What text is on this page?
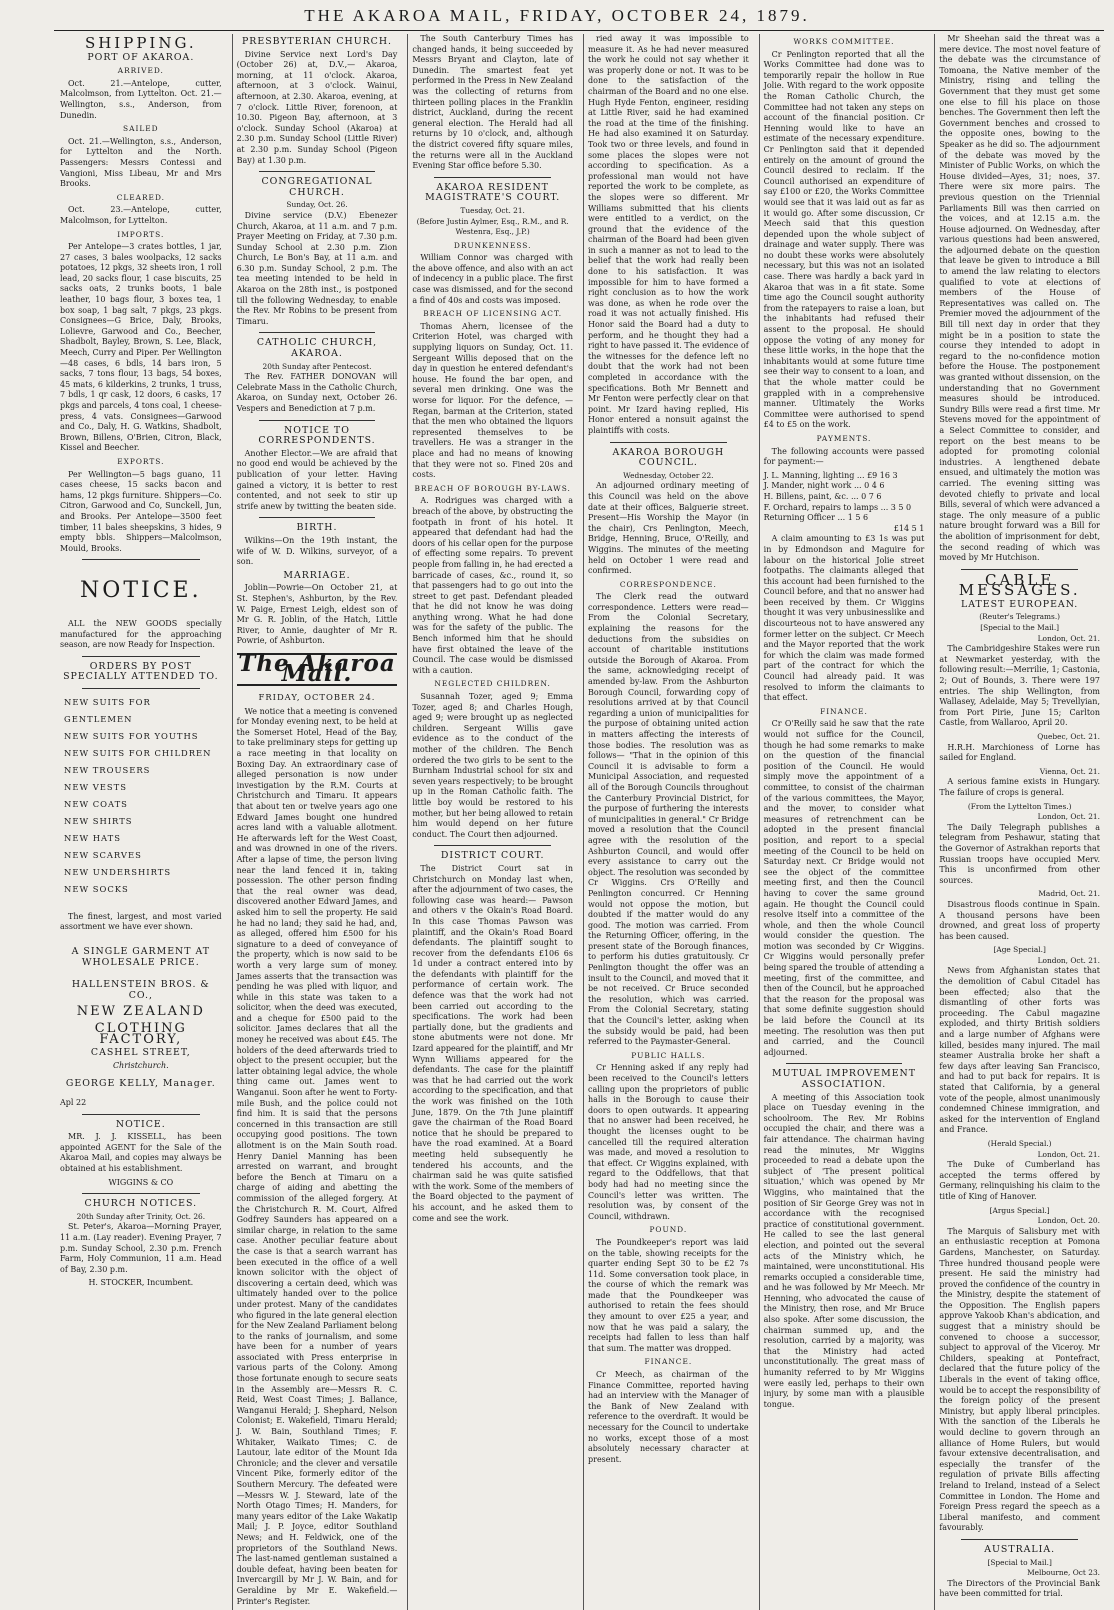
THE AKAROA MAIL, FRIDAY, OCTOBER 24, 1879.
SHIPPING.
PORT OF AKAROA.
ARRIVED.

Oct. 21.—Antelope, cutter, Malcolmson, from Lyttelton. Oct. 21.—Wellington, s.s., Anderson, from Dunedin.

SAILED

Oct. 21.—Wellington, s.s., Anderson, for Lyttelton and the North. Passengers: Messrs Contessi and Vangioni, Miss Libeau, Mr and Mrs Brooks.

CLEARED.

Oct. 23.—Antelope, cutter, Malcolmson, for Lyttelton.

IMPORTS.

Per Antelope—3 crates bottles, 1 jar, 27 cases, 3 bales woolpacks, 12 sacks potatoes, 12 pkgs, 32 sheets iron, 1 roll lead, 20 sacks flour, 1 case biscuits, 25 sacks oats, 2 trunks boots, 1 bale leather, 10 bags flour, 3 boxes tea, 1 box soap, 1 bag salt, 7 pkgs, 23 pkgs. Consignees—G Brice, Daly, Brooks, Lolievre, Garwood and Co., Beecher, Shadbolt, Bayley, Brown, S. Lee, Black, Meech, Curry and Piper. Per Wellington—48 cases, 6 bdls, 14 bars iron, 5 sacks, 7 tons flour, 13 bags, 54 boxes, 45 mats, 6 kilderkins, 2 trunks, 1 truss, 7 bdls, 1 qr cask, 12 doors, 6 casks, 17 pkgs and parcels, 4 tons coal, 1 cheese-press, 4 vats. Consignees—Garwood and Co., Daly, H. G. Watkins, Shadbolt, Brown, Billens, O'Brien, Citron, Black, Kissel and Beecher.

EXPORTS.

Per Wellington—5 bags guano, 11 cases cheese, 15 sacks bacon and hams, 12 pkgs furniture. Shippers—Co. Citron, Garwood and Co, Sunckell, Jun, and Brooks. Per Antelope—3500 feet timber, 11 bales sheepskins, 3 hides, 9 empty bbls. Shippers—Malcolmson, Mould, Brooks.

NOTICE.

ALL the NEW GOODS specially manufactured for the approaching season, are now Ready for Inspection.

ORDERS BY POST SPECIALLY ATTENDED TO.
NEW SUITS FOR GENTLEMEN
NEW SUITS FOR YOUTHS
NEW SUITS FOR CHILDREN
NEW TROUSERS
NEW VESTS
NEW COATS
NEW SHIRTS
NEW HATS
NEW SCARVES
NEW UNDERSHIRTS
NEW SOCKS

The finest, largest, and most varied assortment we have ever shown.

A SINGLE GARMENT AT WHOLESALE PRICE.
HALLENSTEIN BROS. & CO.,
NEW ZEALAND
CLOTHING FACTORY,
CASHEL STREET,
Christchurch.
GEORGE KELLY, Manager.
Apl 22
NOTICE.

MR. J. J. KISSELL, has been appointed AGENT for the Sale of the Akaroa Mail, and copies may always be obtained at his establishment.

WIGGINS & CO
CHURCH NOTICES.
20th Sunday after Trinity, Oct. 26.

St. Peter's, Akaroa—Morning Prayer, 11 a.m. (Lay reader). Evening Prayer, 7 p.m. Sunday School, 2.30 p.m. French Farm, Holy Communion, 11 a.m. Head of Bay, 2.30 p.m.

H. STOCKER, Incumbent.
PRESBYTERIAN CHURCH.

Divine Service next Lord's Day (October 26) at, D.V.,— Akaroa, morning, at 11 o'clock. Akaroa, afternoon, at 3 o'clock. Wainui, afternoon, at 2.30. Akaroa, evening, at 7 o'clock. Little River, forenoon, at 10.30. Pigeon Bay, afternoon, at 3 o'clock. Sunday School (Akaroa) at 2.30 p.m. Sunday School (Little River) at 2.30 p.m. Sunday School (Pigeon Bay) at 1.30 p.m.

CONGREGATIONAL CHURCH.
Sunday, Oct. 26.

Divine service (D.V.) Ebenezer Church, Akaroa, at 11 a.m. and 7 p.m. Prayer Meeting on Friday, at 7.30 p.m. Sunday School at 2.30 p.m. Zion Church, Le Bon's Bay, at 11 a.m. and 6.30 p.m. Sunday School, 2 p.m. The tea meeting intended to be held in Akaroa on the 28th inst., is postponed till the following Wednesday, to enable the Rev. Mr Robins to be present from Timaru.

CATHOLIC CHURCH, AKAROA.
20th Sunday after Pentecost.

The Rev. FATHER DONOVAN will Celebrate Mass in the Catholic Church, Akaroa, on Sunday next, October 26. Vespers and Benediction at 7 p.m.

NOTICE TO CORRESPONDENTS.

Another Elector.—We are afraid that no good end would be achieved by the publication of your letter. Having gained a victory, it is better to rest contented, and not seek to stir up strife anew by twitting the beaten side.

BIRTH.

Wilkins—On the 19th instant, the wife of W. D. Wilkins, surveyor, of a son.

MARRIAGE.

Joblin—Powrie—On October 21, at St. Stephen's, Ashburton, by the Rev. W. Paige, Ernest Leigh, eldest son of Mr G. R. Joblin, of the Hatch, Little River, to Annie, daughter of Mr R. Powrie, of Ashburton.

The Akaroa Mail.
FRIDAY, OCTOBER 24.

We notice that a meeting is convened for Monday evening next, to be held at the Somerset Hotel, Head of the Bay, to take preliminary steps for getting up a race meeting in that locality on Boxing Day. An extraordinary case of alleged personation is now under investigation by the R.M. Courts at Christchurch and Timaru. It appears that about ten or twelve years ago one Edward James bought one hundred acres land with a valuable allotment. He afterwards left for the West Coast, and was drowned in one of the rivers. After a lapse of time, the person living near the land fenced it in, taking possession. The other person finding that the real owner was dead, discovered another Edward James, and asked him to sell the property. He said he had no land; they said he had, and, as alleged, offered him £500 for his signature to a deed of conveyance of the property, which is now said to be worth a very large sum of money. James asserts that the transaction was pending he was plied with liquor, and while in this state was taken to a solicitor, when the deed was executed, and a cheque for £500 paid to the solicitor. James declares that all the money he received was about £45. The holders of the deed afterwards tried to object to the present occupier, but the latter obtaining legal advice, the whole thing came out. James went to Wanganui. Soon after he went to Forty-mile Bush, and the police could not find him. It is said that the persons concerned in this transaction are still occupying good positions. The town allotment is on the Main South road. Henry Daniel Manning has been arrested on warrant, and brought before the Bench at Timaru on a charge of aiding and abetting the commission of the alleged forgery. At the Christchurch R. M. Court, Alfred Godfrey Saunders has appeared on a similar charge, in relation to the same case. Another peculiar feature about the case is that a search warrant has been executed in the office of a well known solicitor with the object of discovering a certain deed, which was ultimately handed over to the police under protest. Many of the candidates who figured in the late general election for the New Zealand Parliament belong to the ranks of journalism, and some have been for a number of years associated with Press enterprise in various parts of the Colony. Among those fortunate enough to secure seats in the Assembly are—Messrs R. C. Reid, West Coast Times; J. Ballance, Wanganui Herald; J. Shephard, Nelson Colonist; E. Wakefield, Timaru Herald; J. W. Bain, Southland Times; F. Whitaker, Waikato Times; C. de Lautour, late editor of the Mount Ida Chronicle; and the clever and versatile Vincent Pike, formerly editor of the Southern Mercury. The defeated were—Messrs W. J. Steward, late of the North Otago Times; H. Manders, for many years editor of the Lake Wakatip Mail; J. P. Joyce, editor Southland News; and H. Feldwick, one of the proprietors of the Southland News. The last-named gentleman sustained a double defeat, having been beaten for Invercargill by Mr J. W. Bain, and for Geraldine by Mr E. Wakefield.—Printer's Register.

The South Canterbury Times has changed hands, it being succeeded by Messrs Bryant and Clayton, late of Dunedin. The smartest feat yet performed in the Press in New Zealand was the collecting of returns from thirteen polling places in the Franklin district, Auckland, during the recent general election. The Herald had all returns by 10 o'clock, and, although the district covered fifty square miles, the returns were all in the Auckland Evening Star office before 5.30.

AKAROA RESIDENT MAGISTRATE'S COURT.
Tuesday, Oct. 21.
(Before Justin Aylmer, Esq., R.M., and R. Westenra, Esq., J.P.)
DRUNKENNESS.

William Connor was charged with the above offence, and also with an act of indecency in a public place. The first case was dismissed, and for the second a find of 40s and costs was imposed.

BREACH OF LICENSING ACT.

Thomas Ahern, licensee of the Criterion Hotel, was charged with supplying liquors on Sunday, Oct. 11. Sergeant Willis deposed that on the day in question he entered defendant's house. He found the bar open, and several men drinking. One was the worse for liquor. For the defence, — Regan, barman at the Criterion, stated that the men who obtained the liquors represented themselves to be travellers. He was a stranger in the place and had no means of knowing that they were not so. Fined 20s and costs.

BREACH OF BOROUGH BY-LAWS.

A. Rodrigues was charged with a breach of the above, by obstructing the footpath in front of his hotel. It appeared that defendant had had the doors of his cellar open for the purpose of effecting some repairs. To prevent people from falling in, he had erected a barricade of cases, &c., round it, so that passengers had to go out into the street to get past. Defendant pleaded that he did not know he was doing anything wrong. What he had done was for the safety of the public. The Bench informed him that he should have first obtained the leave of the Council. The case would be dismissed with a caution.

NEGLECTED CHILDREN.

Susannah Tozer, aged 9; Emma Tozer, aged 8; and Charles Hough, aged 9; were brought up as neglected children. Sergeant Willis gave evidence as to the conduct of the mother of the children. The Bench ordered the two girls to be sent to the Burnham Industrial school for six and seven years respectively; to be brought up in the Roman Catholic faith. The little boy would be restored to his mother, but her being allowed to retain him would depend on her future conduct. The Court then adjourned.

DISTRICT COURT.

The District Court sat in Christchurch on Monday last when, after the adjournment of two cases, the following case was heard:— Pawson and others v the Okain's Road Board. In this case Thomas Pawson was plaintiff, and the Okain's Road Board defendants. The plaintiff sought to recover from the defendants £106 6s 1d under a contract entered into by the defendants with plaintiff for the performance of certain work. The defence was that the work had not been carried out according to the specifications. The work had been partially done, but the gradients and stone abutments were not done. Mr Izard appeared for the plaintiff, and Mr Wynn Williams appeared for the defendants. The case for the plaintiff was that he had carried out the work according to the specification, and that the work was finished on the 10th June, 1879. On the 7th June plaintiff gave the chairman of the Road Board notice that he should be prepared to have the road examined. At a Board meeting held subsequently he tendered his accounts, and the chairman said he was quite satisfied with the work. Some of the members of the Board objected to the payment of his account, and he asked them to come and see the work.

ried away it was impossible to measure it. As he had never measured the work he could not say whether it was properly done or not. It was to be done to the satisfaction of the chairman of the Board and no one else. Hugh Hyde Fenton, engineer, residing at Little River, said he had examined the road at the time of the finishing. He had also examined it on Saturday. Took two or three levels, and found in some places the slopes were not according to specification. As a professional man would not have reported the work to be complete, as the slopes were so different. Mr Williams submitted that his clients were entitled to a verdict, on the ground that the evidence of the chairman of the Board had been given in such a manner as not to lead to the belief that the work had really been done to his satisfaction. It was impossible for him to have formed a right conclusion as to how the work was done, as when he rode over the road it was not actually finished. His Honor said the Board had a duty to perform, and he thought they had a right to have passed it. The evidence of the witnesses for the defence left no doubt that the work had not been completed in accordance with the specifications. Both Mr Bennett and Mr Fenton were perfectly clear on that point. Mr Izard having replied, His Honor entered a nonsuit against the plaintiffs with costs.

AKAROA BOROUGH COUNCIL.
Wednesday, October 22.

An adjourned ordinary meeting of this Council was held on the above date at their offices, Balguerie street. Present—His Worship the Mayor (in the chair), Crs Penlington, Meech, Bridge, Henning, Bruce, O'Reilly, and Wiggins. The minutes of the meeting held on October 1 were read and confirmed.

CORRESPONDENCE.

The Clerk read the outward correspondence. Letters were read— From the Colonial Secretary, explaining the reasons for the deductions from the subsidies on account of charitable institutions outside the Borough of Akaroa. From the same, acknowledging receipt of amended by-law. From the Ashburton Borough Council, forwarding copy of resolutions arrived at by that Council regarding a union of municipalities for the purpose of obtaining united action in matters affecting the interests of those bodies. The resolution was as follows— "That in the opinion of this Council it is advisable to form a Municipal Association, and requested all of the Borough Councils throughout the Canterbury Provincial District, for the purpose of furthering the interests of municipalities in general." Cr Bridge moved a resolution that the Council agree with the resolution of the Ashburton Council, and would offer every assistance to carry out the object. The resolution was seconded by Cr Wiggins. Crs O'Reilly and Penlington concurred. Cr Henning would not oppose the motion, but doubted if the matter would do any good. The motion was carried. From the Returning Officer, offering, in the present state of the Borough finances, to perform his duties gratuitously. Cr Penlington thought the offer was an insult to the Council, and moved that it be not received. Cr Bruce seconded the resolution, which was carried. From the Colonial Secretary, stating that the Council's letter, asking when the subsidy would be paid, had been referred to the Paymaster-General.

PUBLIC HALLS.

Cr Henning asked if any reply had been received to the Council's letters calling upon the proprietors of public halls in the Borough to cause their doors to open outwards. It appearing that no answer had been received, he thought the licenses ought to be cancelled till the required alteration was made, and moved a resolution to that effect. Cr Wiggins explained, with regard to the Oddfellows, that that body had had no meeting since the Council's letter was written. The resolution was, by consent of the Council, withdrawn.

POUND.

The Poundkeeper's report was laid on the table, showing receipts for the quarter ending Sept 30 to be £2 7s 11d. Some conversation took place, in the course of which the remark was made that the Poundkeeper was authorised to retain the fees should they amount to over £25 a year, and now that he was paid a salary, the receipts had fallen to less than half that sum. The matter was dropped.

FINANCE.

Cr Meech, as chairman of the Finance Committee, reported having had an interview with the Manager of the Bank of New Zealand with reference to the overdraft. It would be necessary for the Council to undertake no works, except those of a most absolutely necessary character at present.

WORKS COMMITTEE.

Cr Penlington reported that all the Works Committee had done was to temporarily repair the hollow in Rue Jolie. With regard to the work opposite the Roman Catholic Church, the Committee had not taken any steps on account of the financial position. Cr Henning would like to have an estimate of the necessary expenditure. Cr Penlington said that it depended entirely on the amount of ground the Council desired to reclaim. If the Council authorised an expenditure of say £100 or £20, the Works Committee would see that it was laid out as far as it would go. After some discussion, Cr Meech said that this question depended upon the whole subject of drainage and water supply. There was no doubt these works were absolutely necessary, but this was not an isolated case. There was hardly a back yard in Akaroa that was in a fit state. Some time ago the Council sought authority from the ratepayers to raise a loan, but the inhabitants had refused their assent to the proposal. He should oppose the voting of any money for these little works, in the hope that the inhabitants would at some future time see their way to consent to a loan, and that the whole matter could be grappled with in a comprehensive manner. Ultimately the Works Committee were authorised to spend £4 to £5 on the work.

PAYMENTS.

The following accounts were passed for payment:—

J. L. Manning, lighting ... £9 16 3
J. Mander, night work ... 0 4 6
H. Billens, paint, &c. ... 0 7 6
F. Orchard, repairs to lamps ... 3 5 0
Returning Officer ... 1 5 6
£14 5 1

A claim amounting to £3 1s was put in by Edmondson and Maguire for labour on the historical Jolie street footpaths. The claimants alleged that this account had been furnished to the Council before, and that no answer had been received by them. Cr Wiggins thought it was very unbusinesslike and discourteous not to have answered any former letter on the subject. Cr Meech and the Mayor reported that the work for which the claim was made formed part of the contract for which the Council had already paid. It was resolved to inform the claimants to that effect.

FINANCE.

Cr O'Reilly said he saw that the rate would not suffice for the Council, though he had some remarks to make on the question of the financial position of the Council. He would simply move the appointment of a committee, to consist of the chairman of the various committees, the Mayor, and the mover, to consider what measures of retrenchment can be adopted in the present financial position, and report to a special meeting of the Council to be held on Saturday next. Cr Bridge would not see the object of the committee meeting first, and then the Council having to cover the same ground again. He thought the Council could resolve itself into a committee of the whole, and then the whole Council would consider the question. The motion was seconded by Cr Wiggins. Cr Wiggins would personally prefer being spared the trouble of attending a meeting, first of the committee, and then of the Council, but he approached that the reason for the proposal was that some definite suggestion should be laid before the Council at its meeting. The resolution was then put and carried, and the Council adjourned.

MUTUAL IMPROVEMENT ASSOCIATION.

A meeting of this Association took place on Tuesday evening in the schoolroom. The Rev. Mr Robins occupied the chair, and there was a fair attendance. The chairman having read the minutes, Mr Wiggins proceeded to read a debate upon the subject of 'The present political situation,' which was opened by Mr Wiggins, who maintained that the position of Sir George Grey was not in accordance with the recognised practice of constitutional government. He called to see the last general election, and pointed out the several acts of the Ministry which, he maintained, were unconstitutional. His remarks occupied a considerable time, and he was followed by Mr Meech. Mr Henning, who advocated the cause of the Ministry, then rose, and Mr Bruce also spoke. After some discussion, the chairman summed up, and the resolution, carried by a majority, was that the Ministry had acted unconstitutionally. The great mass of humanity referred to by Mr Wiggins were easily led, perhaps to their own injury, by some man with a plausible tongue.

Mr Sheehan said the threat was a mere device. The most novel feature of the debate was the circumstance of Tomoana, the Native member of the Ministry, rising and telling the Government that they must get some one else to fill his place on those benches. The Government then left the Government benches and crossed to the opposite ones, bowing to the Speaker as he did so. The adjournment of the debate was moved by the Minister of Public Works, on which the House divided—Ayes, 31; noes, 37. There were six more pairs. The previous question on the Triennial Parliaments Bill was then carried on the voices, and at 12.15 a.m. the House adjourned. On Wednesday, after various questions had been answered, the adjourned debate on the question that leave be given to introduce a Bill to amend the law relating to electors qualified to vote at elections of members of the House of Representatives was called on. The Premier moved the adjournment of the Bill till next day in order that they might be in a position to state the course they intended to adopt in regard to the no-confidence motion before the House. The postponement was granted without dissension, on the understanding that no Government measures should be introduced. Sundry Bills were read a first time. Mr Stevens moved for the appointment of a Select Committee to consider, and report on the best means to be adopted for promoting colonial industries. A lengthened debate ensued, and ultimately the motion was carried. The evening sitting was devoted chiefly to private and local Bills, several of which were advanced a stage. The only measure of a public nature brought forward was a Bill for the abolition of imprisonment for debt, the second reading of which was moved by Mr Hutchison.

CABLE MESSAGES.
LATEST EUROPEAN.
(Reuter's Telegrams.)
[Special to the Mail.]
London, Oct. 21.

The Cambridgeshire Stakes were run at Newmarket yesterday, with the following result:—Merrilie, 1; Castonia, 2; Out of Bounds, 3. There were 197 entries. The ship Wellington, from Wallasey, Adelaide, May 5; Trevellyian, from Port Pirie, June 15; Carlton Castle, from Wallaroo, April 20.

Quebec, Oct. 21.

H.R.H. Marchioness of Lorne has sailed for England.

Vienna, Oct. 21.

A serious famine exists in Hungary. The failure of crops is general.

(From the Lyttelton Times.)
London, Oct. 21.

The Daily Telegraph publishes a telegram from Peshawur, stating that the Governor of Astrakhan reports that Russian troops have occupied Merv. This is unconfirmed from other sources.

Madrid, Oct. 21.

Disastrous floods continue in Spain. A thousand persons have been drowned, and great loss of property has been caused.

[Age Special.]
London, Oct. 21.

News from Afghanistan states that the demolition of Cabul Citadel has been effected; also that the dismantling of other forts was proceeding. The Cabul magazine exploded, and thirty British soldiers and a large number of Afghans were killed, besides many injured. The mail steamer Australia broke her shaft a few days after leaving San Francisco, and had to put back for repairs. It is stated that California, by a general vote of the people, almost unanimously condemned Chinese immigration, and asked for the intervention of England and France.

(Herald Special.)
London, Oct. 21.

The Duke of Cumberland has accepted the terms offered by Germany, relinquishing his claim to the title of King of Hanover.

[Argus Special.]
London, Oct. 20.

The Marquis of Salisbury met with an enthusiastic reception at Pomona Gardens, Manchester, on Saturday. Three hundred thousand people were present. He said the ministry had proved the confidence of the country in the Ministry, despite the statement of the Opposition. The English papers approve Yakoob Khan's abdication, and suggest that a ministry should be convened to choose a successor, subject to approval of the Viceroy. Mr Childers, speaking at Pontefract, declared that the future policy of the Liberals in the event of taking office, would be to accept the responsibility of the foreign policy of the present Ministry, but apply liberal principles. With the sanction of the Liberals he would decline to govern through an alliance of Home Rulers, but would favour extensive decentralisation, and especially the transfer of the regulation of private Bills affecting Ireland to Ireland, instead of a Select Committee in London. The Home and Foreign Press regard the speech as a Liberal manifesto, and comment favourably.

AUSTRALIA.
[Special to Mail.]
Melbourne, Oct 23.

The Directors of the Provincial Bank have been committed for trial.
